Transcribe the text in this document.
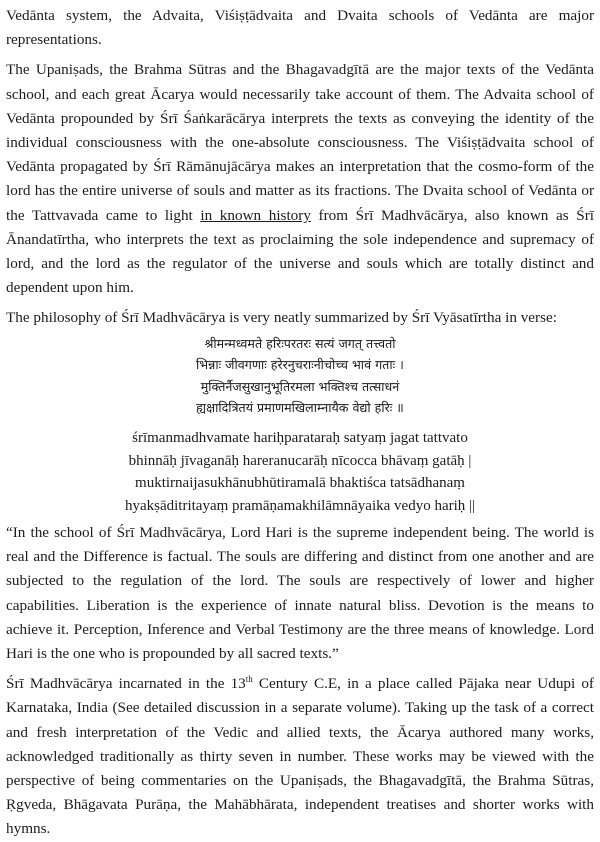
Vedānta system, the Advaita, Viśiṣṭādvaita and Dvaita schools of Vedānta are major representations.

The Upaniṣads, the Brahma Sūtras and the Bhagavadgītā are the major texts of the Vedānta school, and each great Ācarya would necessarily take account of them. The Advaita school of Vedānta propounded by Śrī Śaṅkarācārya interprets the texts as conveying the identity of the individual consciousness with the one-absolute consciousness. The Viśiṣṭādvaita school of Vedānta propagated by Śrī Rāmānujācārya makes an interpretation that the cosmo-form of the lord has the entire universe of souls and matter as its fractions. The Dvaita school of Vedānta or the Tattvavada came to light in known history from Śrī Madhvācārya, also known as Śrī Ānandatīrtha, who interprets the text as proclaiming the sole independence and supremacy of lord, and the lord as the regulator of the universe and souls which are totally distinct and dependent upon him.

The philosophy of Śrī Madhvācārya is very neatly summarized by Śrī Vyāsatīrtha in verse:

श्रीमन्मध्वमते हरिःपरतरः सत्यं जगत् तत्त्वतो
भिन्नाः जीवगणाः हरेरनुचराःनीचोच्च भावं गताः ।
मुक्तिर्नैजसुखानुभूतिरमला भक्तिश्च तत्साधनं
ह्यक्षादित्रितयं प्रमाणमखिलाम्नायैक वेद्यो हरिः ॥
śrīmanmadhvamate hariḥparataraḥ satyaṃ jagat tattvato
bhinnāḥ jīvaganāḥ hareranucarāḥ nīcocca bhāvaṃ gatāḥ |
muktirnaijasukhānubhūtiramalā bhaktiśca tatsādhanaṃ
hyakṣāditritayaṃ pramāṇamakhilāmnāyaika vedyo hariḥ ||

“In the school of Śrī Madhvācārya, Lord Hari is the supreme independent being. The world is real and the Difference is factual. The souls are differing and distinct from one another and are subjected to the regulation of the lord. The souls are respectively of lower and higher capabilities. Liberation is the experience of innate natural bliss. Devotion is the means to achieve it. Perception, Inference and Verbal Testimony are the three means of knowledge. Lord Hari is the one who is propounded by all sacred texts.”

Śrī Madhvācārya incarnated in the 13th Century C.E, in a place called Pājaka near Udupi of Karnataka, India (See detailed discussion in a separate volume). Taking up the task of a correct and fresh interpretation of the Vedic and allied texts, the Ācarya authored many works, acknowledged traditionally as thirty seven in number. These works may be viewed with the perspective of being commentaries on the Upaniṣads, the Bhagavadgītā, the Brahma Sūtras, Ṛgveda, Bhāgavata Purāṇa, the Mahābhārata, independent treatises and shorter works with hymns.
